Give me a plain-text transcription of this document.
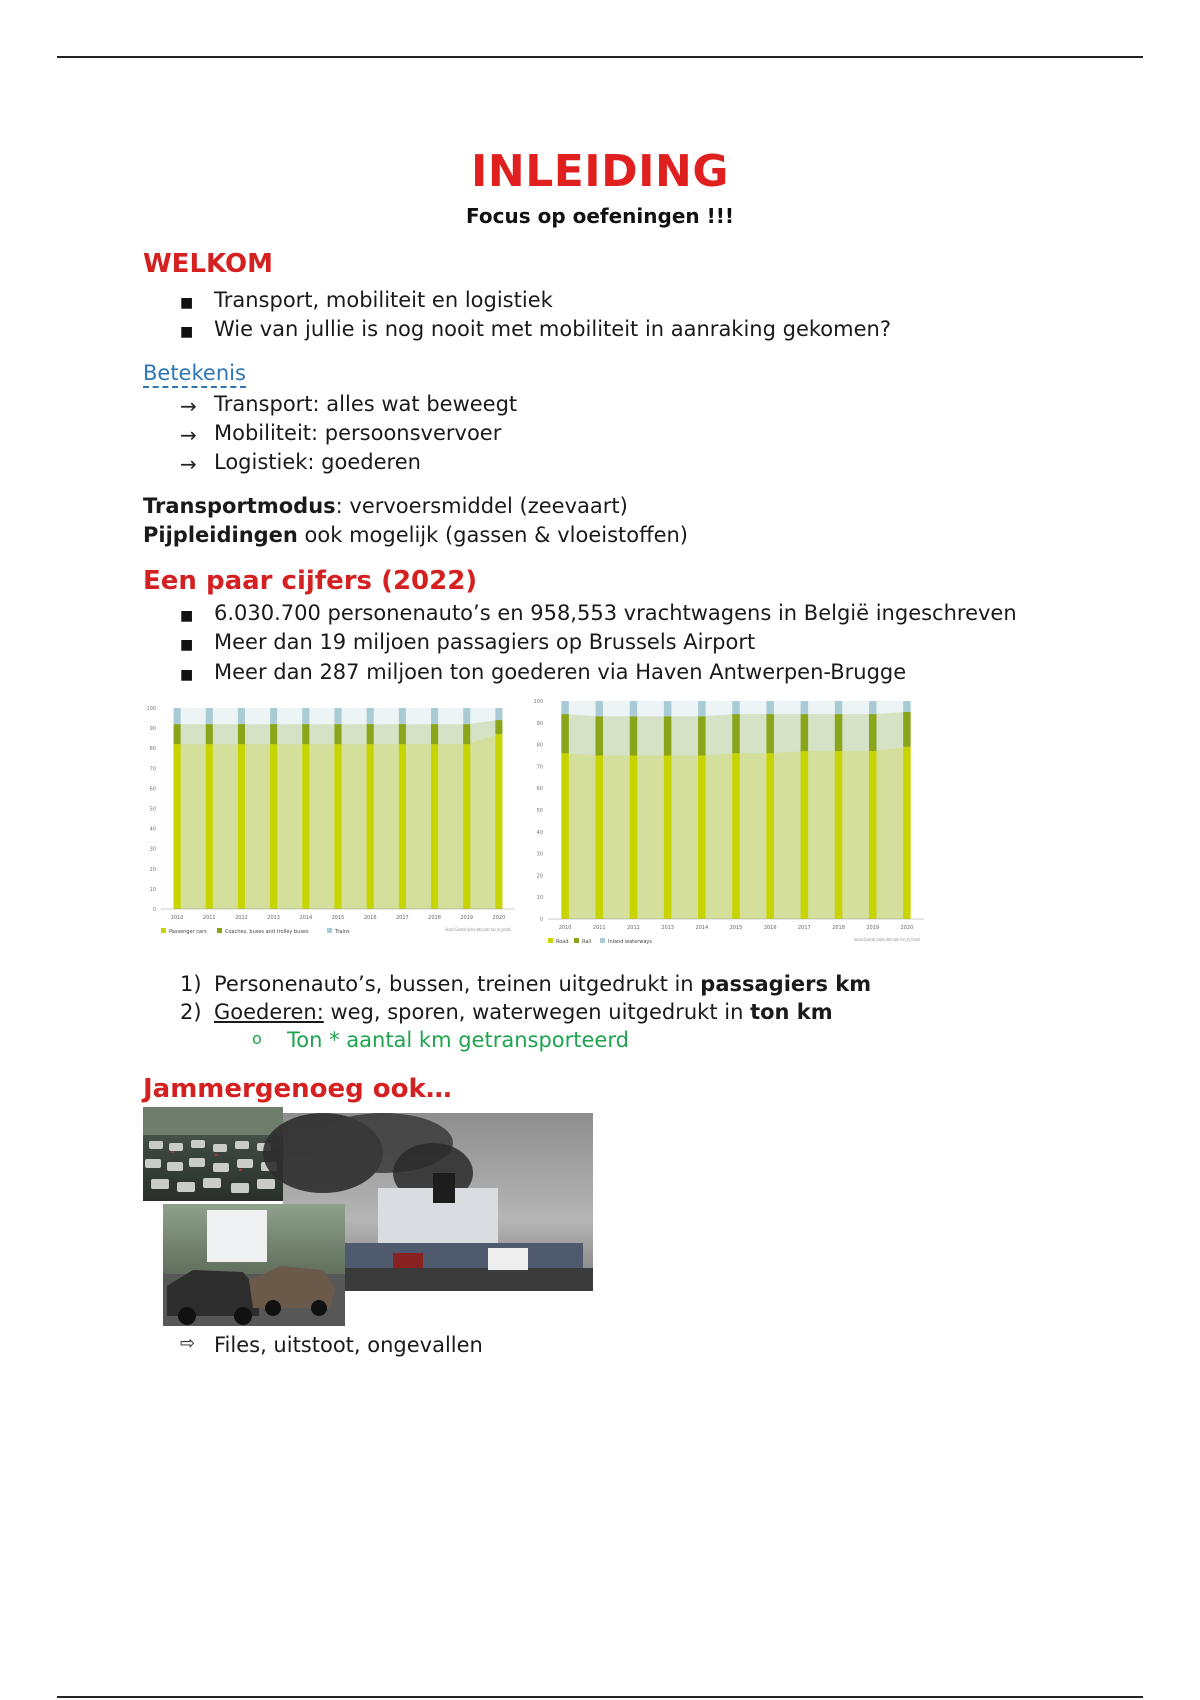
INLEIDING
Focus op oefeningen !!!
WELKOM
■ Transport, mobiliteit en logistiek
■ Wie van jullie is nog nooit met mobiliteit in aanraking gekomen?
Betekenis
→ Transport: alles wat beweegt
→ Mobiliteit: persoonsvervoer
→ Logistiek: goederen
Transportmodus: vervoersmiddel (zeevaart)
Pijpleidingen ook mogelijk (gassen & vloeistoffen)
Een paar cijfers (2022)
■ 6.030.700 personenauto’s en 958,553 vrachtwagens in België ingeschreven
■ Meer dan 19 miljoen passagiers op Brussels Airport
■ Meer dan 287 miljoen ton goederen via Haven Antwerpen-Brugge
0
10
20
30
40
50
60
70
80
90
100
2010	2011	2012	2013	2014	2015	2016	2017	2018	2019	2020
Passenger cars	Coaches, buses and trolley buses	Trains	Source: Eurostat (online data code: tran_hv_psmod)
0
10
20
30
40
50
60
70
80
90
100
2010	2011	2012	2013	2014	2015	2016	2017	2018	2019	2020
Road	Rail	Inland waterways	Source: Eurostat (online data code: tran_hv_frmod)
1) Personenauto’s, bussen, treinen uitgedrukt in passagiers km
2) Goederen: weg, sporen, waterwegen uitgedrukt in ton km
o Ton * aantal km getransporteerd
Jammergenoeg ook…
⇨ Files, uitstoot, ongevallen
